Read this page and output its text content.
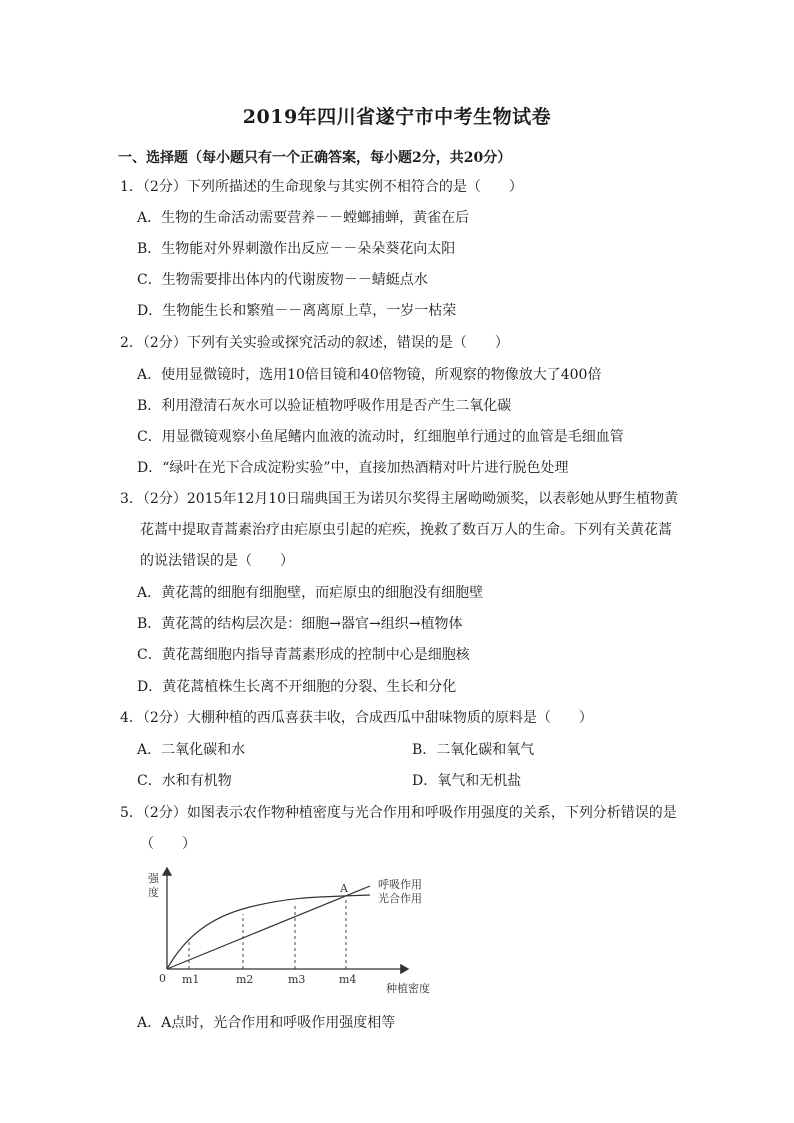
2019年四川省遂宁市中考生物试卷
一、选择题（每小题只有一个正确答案，每小题2分，共20分）
1．（2分）下列所描述的生命现象与其实例不相符合的是（　　）
A．生物的生命活动需要营养－－螳螂捕蝉，黄雀在后
B．生物能对外界刺激作出反应－－朵朵葵花向太阳
C．生物需要排出体内的代谢废物－－蜻蜓点水
D．生物能生长和繁殖－－离离原上草，一岁一枯荣
2．（2分）下列有关实验或探究活动的叙述，错误的是（　　）
A．使用显微镜时，选用10倍目镜和40倍物镜，所观察的物像放大了400倍
B．利用澄清石灰水可以验证植物呼吸作用是否产生二氧化碳
C．用显微镜观察小鱼尾鳍内血液的流动时，红细胞单行通过的血管是毛细血管
D．“绿叶在光下合成淀粉实验”中，直接加热酒精对叶片进行脱色处理
3．（2分）2015年12月10日瑞典国王为诺贝尔奖得主屠呦呦颁奖，以表彰她从野生植物黄
花蒿中提取青蒿素治疗由疟原虫引起的疟疾，挽救了数百万人的生命。下列有关黄花蒿
的说法错误的是（　　）
A．黄花蒿的细胞有细胞壁，而疟原虫的细胞没有细胞壁
B．黄花蒿的结构层次是：细胞→器官→组织→植物体
C．黄花蒿细胞内指导青蒿素形成的控制中心是细胞核
D．黄花蒿植株生长离不开细胞的分裂、生长和分化
4．（2分）大棚种植的西瓜喜获丰收，合成西瓜中甜味物质的原料是（　　）
A．二氧化碳和水	B．二氧化碳和氧气
C．水和有机物	D．氧气和无机盐
5．（2分）如图表示农作物种植密度与光合作用和呼吸作用强度的关系，下列分析错误的是
（　　）
强 度	A	呼吸作用
光合作用
0 m1	m2	m3	m4
种植密度
A．A点时，光合作用和呼吸作用强度相等
